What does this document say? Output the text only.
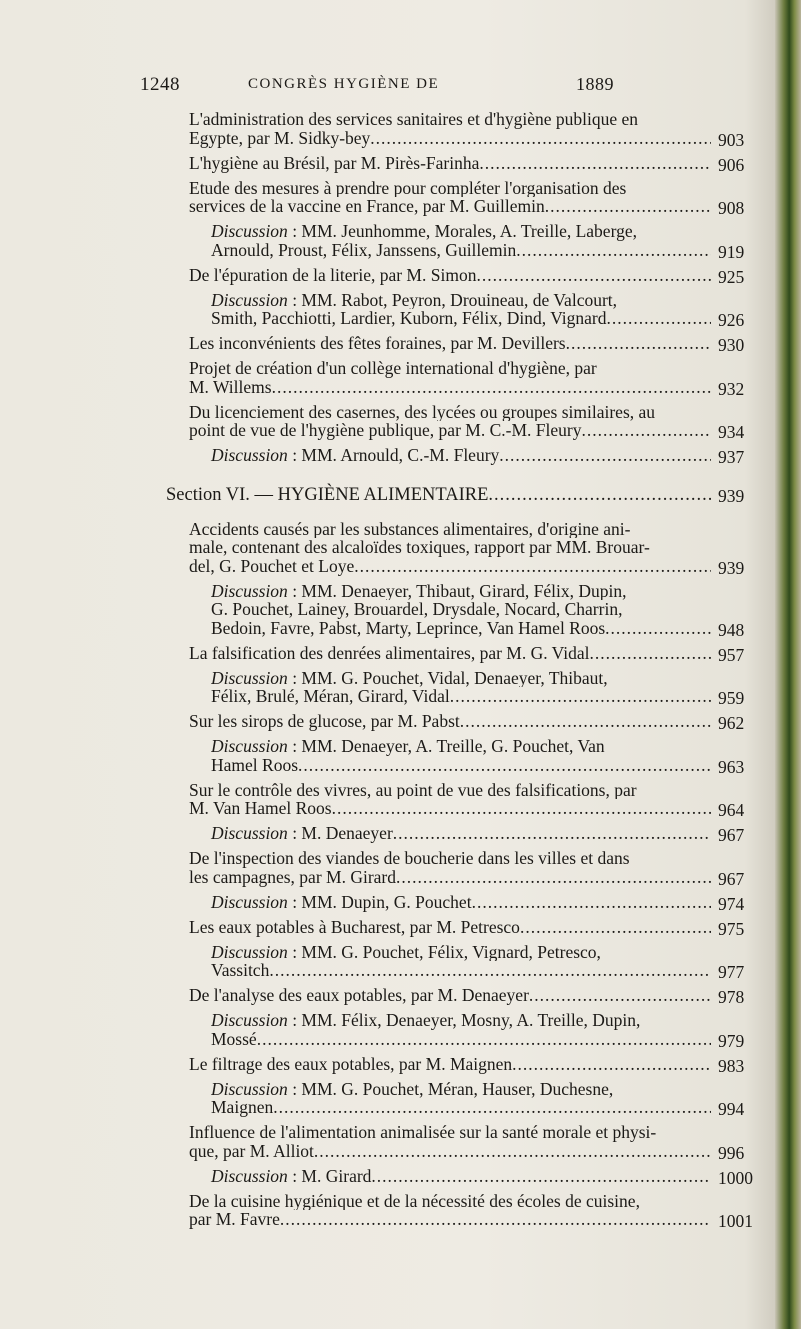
1248	CONGRÈS HYGIÈNE DE	1889
L'administration des services sanitaires et d'hygiène publique en
Egypte, par M. Sidky-bey .....	903
L'hygiène au Brésil, par M. Pirès-Farinha .....	906
Etude des mesures à prendre pour compléter l'organisation des
services de la vaccine en France, par M. Guillemin .....	908
Discussion : MM. Jeunhomme, Morales, A. Treille, Laberge,
Arnould, Proust, Félix, Janssens, Guillemin .....	919
De l'épuration de la literie, par M. Simon .....	925
Discussion : MM. Rabot, Peyron, Drouineau, de Valcourt,
Smith, Pacchiotti, Lardier, Kuborn, Félix, Dind, Vignard .....	926
Les inconvénients des fêtes foraines, par M. Devillers .....	930
Projet de création d'un collège international d'hygiène, par
M. Willems .....	932
Du licenciement des casernes, des lycées ou groupes similaires, au
point de vue de l'hygiène publique, par M. C.-M. Fleury .....	934
Discussion : MM. Arnould, C.-M. Fleury .....	937
Section VI. — HYGIÈNE ALIMENTAIRE .....	939
Accidents causés par les substances alimentaires, d'origine ani-
male, contenant des alcaloïdes toxiques, rapport par MM. Brouar-
del, G. Pouchet et Loye .....	939
Discussion : MM. Denaeyer, Thibaut, Girard, Félix, Dupin,
G. Pouchet, Lainey, Brouardel, Drysdale, Nocard, Charrin,
Bedoin, Favre, Pabst, Marty, Leprince, Van Hamel Roos .....	948
La falsification des denrées alimentaires, par M. G. Vidal .....	957
Discussion : MM. G. Pouchet, Vidal, Denaeyer, Thibaut,
Félix, Brulé, Méran, Girard, Vidal .....	959
Sur les sirops de glucose, par M. Pabst .....	962
Discussion : MM. Denaeyer, A. Treille, G. Pouchet, Van
Hamel Roos .....	963
Sur le contrôle des vivres, au point de vue des falsifications, par
M. Van Hamel Roos .....	964
Discussion : M. Denaeyer .....	967
De l'inspection des viandes de boucherie dans les villes et dans
les campagnes, par M. Girard .....	967
Discussion : MM. Dupin, G. Pouchet .....	974
Les eaux potables à Bucharest, par M. Petresco .....	975
Discussion : MM. G. Pouchet, Félix, Vignard, Petresco,
Vassitch .....	977
De l'analyse des eaux potables, par M. Denaeyer .....	978
Discussion : MM. Félix, Denaeyer, Mosny, A. Treille, Dupin,
Mossé .....	979
Le filtrage des eaux potables, par M. Maignen .....	983
Discussion : MM. G. Pouchet, Méran, Hauser, Duchesne,
Maignen .....	994
Influence de l'alimentation animalisée sur la santé morale et physi-
que, par M. Alliot .....	996
Discussion : M. Girard .....	1000
De la cuisine hygiénique et de la nécessité des écoles de cuisine,
par M. Favre .....	1001
